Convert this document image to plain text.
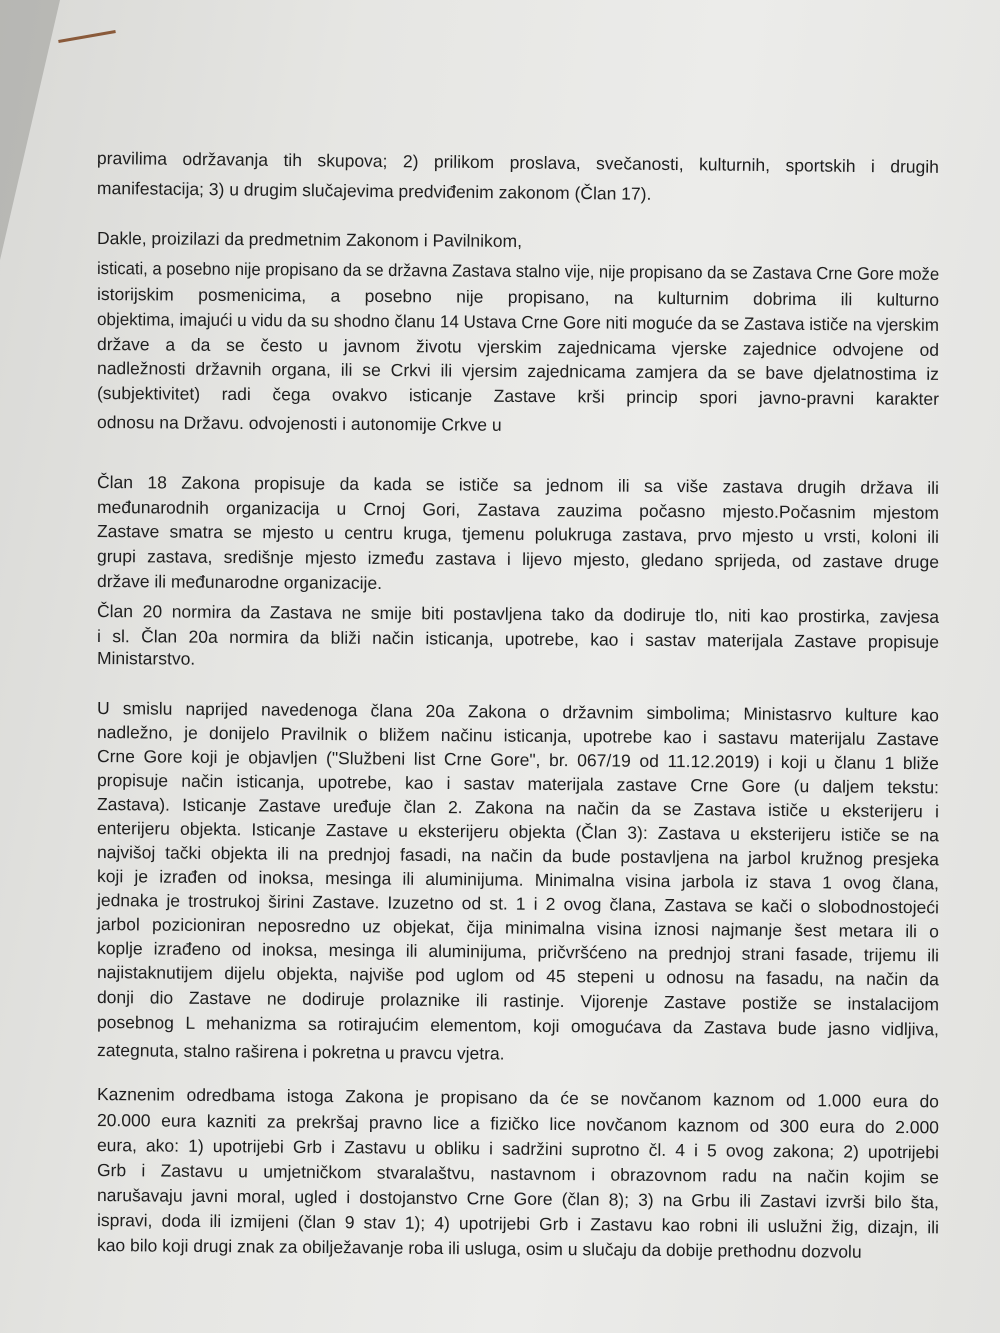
pravilima održavanja tih skupova; 2) prilikom proslava, svečanosti, kulturnih, sportskih i drugih
manifestacija; 3) u drugim slučajevima predviđenim zakonom (Član 17).
Dakle, proizilazi da predmetnim Zakonom i Pavilnikom,
isticati, a posebno nije propisano da se državna Zastava stalno vije, nije propisano da se Zastava Crne Gore može
istorijskim posmenicima, a posebno nije propisano, na kulturnim dobrima ili kulturno
objektima, imajući u vidu da su shodno članu 14 Ustava Crne Gore niti moguće da se Zastava ističe na vjerskim
države a da se često u javnom životu vjerskim zajednicama vjerske zajednice odvojene od
nadležnosti državnih organa, ili se Crkvi ili vjersim zajednicama zamjera da se bave djelatnostima iz
(subjektivitet) radi čega ovakvo isticanje Zastave krši princip spori javno-pravni karakter
odnosu na Državu. odvojenosti i autonomije Crkve u
Član 18 Zakona propisuje da kada se ističe sa jednom ili sa više zastava drugih država ili
međunarodnih organizacija u Crnoj Gori, Zastava zauzima počasno mjesto.Počasnim mjestom
Zastave smatra se mjesto u centru kruga, tjemenu polukruga zastava, prvo mjesto u vrsti, koloni ili
grupi zastava, središnje mjesto između zastava i lijevo mjesto, gledano sprijeda, od zastave druge
države ili međunarodne organizacije.
Član 20 normira da Zastava ne smije biti postavljena tako da dodiruje tlo, niti kao prostirka, zavjesa
i sl. Član 20a normira da bliži način isticanja, upotrebe, kao i sastav materijala Zastave propisuje
Ministarstvo.
U smislu naprijed navedenoga člana 20a Zakona o državnim simbolima; Ministasrvo kulture kao
nadležno, je donijelo Pravilnik o bližem načinu isticanja, upotrebe kao i sastavu materijalu Zastave
Crne Gore koji je objavljen ("Službeni list Crne Gore", br. 067/19 od 11.12.2019) i koji u članu 1 bliže
propisuje način isticanja, upotrebe, kao i sastav materijala zastave Crne Gore (u daljem tekstu:
Zastava). Isticanje Zastave uređuje član 2. Zakona na način da se Zastava ističe u eksterijeru i
enterijeru objekta. Isticanje Zastave u eksterijeru objekta (Član 3): Zastava u eksterijeru ističe se na
najvišoj tački objekta ili na prednjoj fasadi, na način da bude postavljena na jarbol kružnog presjeka
koji je izrađen od inoksa, mesinga ili aluminijuma. Minimalna visina jarbola iz stava 1 ovog člana,
jednaka je trostrukoj širini Zastave. Izuzetno od st. 1 i 2 ovog člana, Zastava se kači o slobodnostojeći
jarbol pozicioniran neposredno uz objekat, čija minimalna visina iznosi najmanje šest metara ili o
koplje izrađeno od inoksa, mesinga ili aluminijuma, pričvršćeno na prednjoj strani fasade, trijemu ili
najistaknutijem dijelu objekta, najviše pod uglom od 45 stepeni u odnosu na fasadu, na način da
donji dio Zastave ne dodiruje prolaznike ili rastinje. Vijorenje Zastave postiže se instalacijom
posebnog L mehanizma sa rotirajućim elementom, koji omogućava da Zastava bude jasno vidljiva,
zategnuta, stalno raširena i pokretna u pravcu vjetra.
Kaznenim odredbama istoga Zakona je propisano da će se novčanom kaznom od 1.000 eura do
20.000 eura kazniti za prekršaj pravno lice a fizičko lice novčanom kaznom od 300 eura do 2.000
eura, ako: 1) upotrijebi Grb i Zastavu u obliku i sadržini suprotno čl. 4 i 5 ovog zakona; 2) upotrijebi
Grb i Zastavu u umjetničkom stvaralaštvu, nastavnom i obrazovnom radu na način kojim se
narušavaju javni moral, ugled i dostojanstvo Crne Gore (član 8); 3) na Grbu ili Zastavi izvrši bilo šta,
ispravi, doda ili izmijeni (član 9 stav 1); 4) upotrijebi Grb i Zastavu kao robni ili uslužni žig, dizajn, ili
kao bilo koji drugi znak za obilježavanje roba ili usluga, osim u slučaju da dobije prethodnu dozvolu
